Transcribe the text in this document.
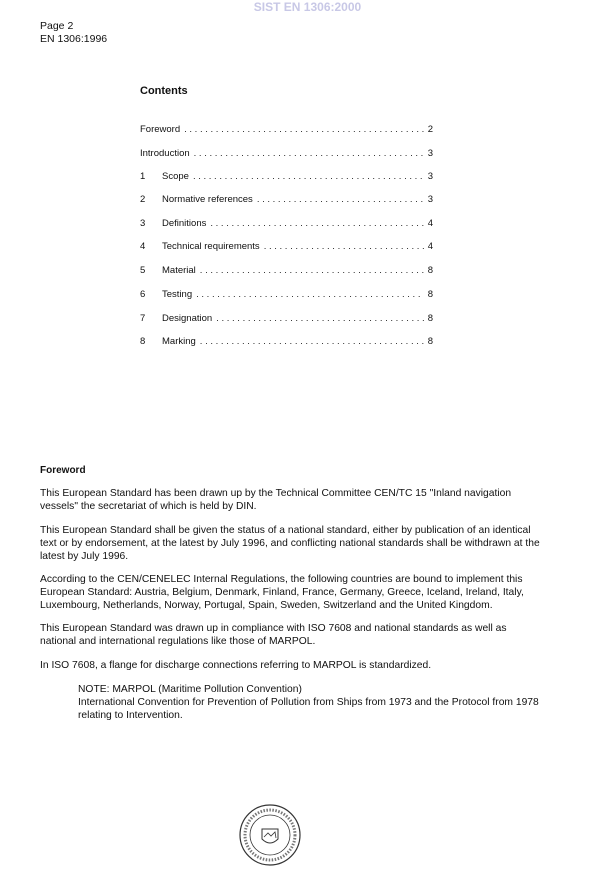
SIST EN 1306:2000
Page 2
EN 1306:1996
Contents
Foreword . . .	2
Introduction . . .	3
1	Scope . . .	3
2	Normative references . . .	3
3	Definitions . . .	4
4	Technical requirements . . .	4
5	Material . . .	8
6	Testing . . .	8
7	Designation . . .	8
8	Marking . . .	8
Foreword
This European Standard has been drawn up by the Technical Committee CEN/TC 15 "Inland navigation vessels" the secretariat of which is held by DIN.
This European Standard shall be given the status of a national standard, either by publication of an identical text or by endorsement, at the latest by July 1996, and conflicting national standards shall be withdrawn at the latest by July 1996.
According to the CEN/CENELEC Internal Regulations, the following countries are bound to implement this European Standard: Austria, Belgium, Denmark, Finland, France, Germany, Greece, Iceland, Ireland, Italy, Luxembourg, Netherlands, Norway, Portugal, Spain, Sweden, Switzerland and the United Kingdom.
This European Standard was drawn up in compliance with ISO 7608 and national standards as well as national and international regulations like those of MARPOL.
In ISO 7608, a flange for discharge connections referring to MARPOL is standardized.
NOTE: MARPOL (Maritime Pollution Convention)
International Convention for Prevention of Pollution from Ships from 1973 and the Protocol from 1978 relating to Intervention.
